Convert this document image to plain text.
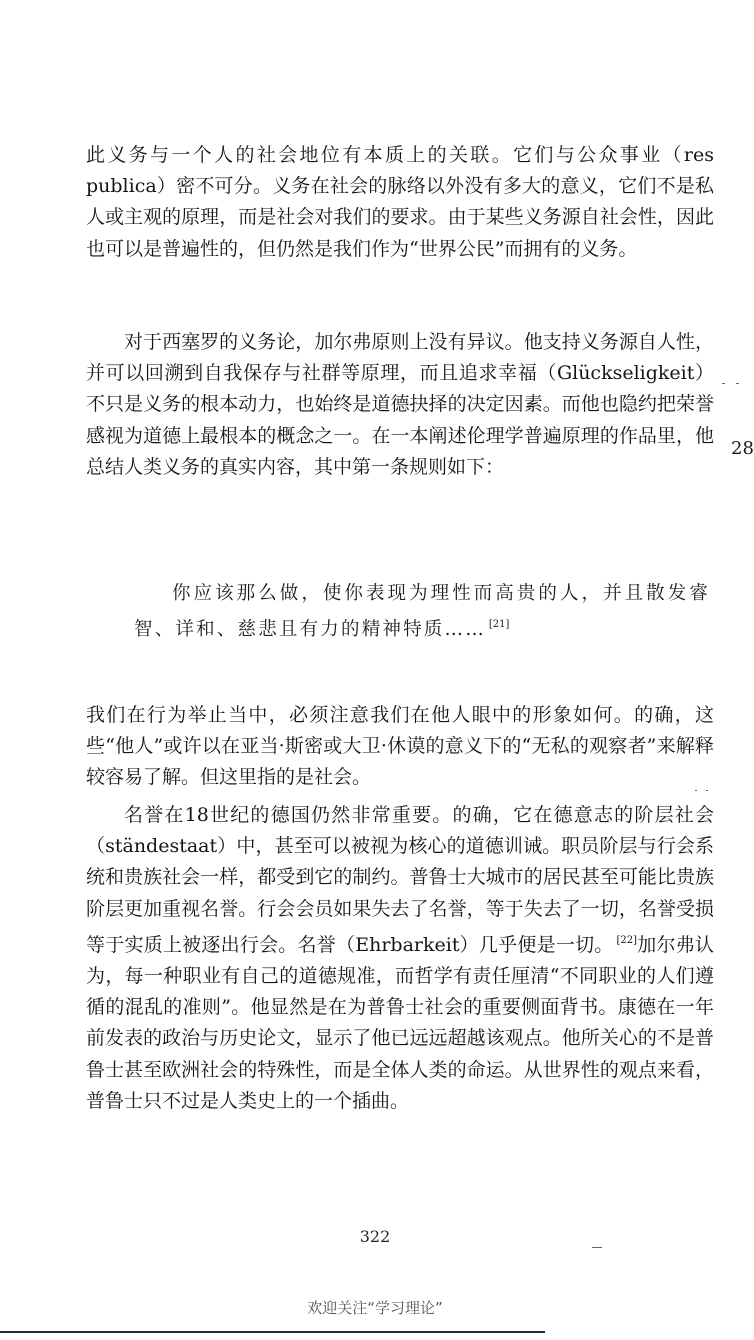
此义务与一个人的社会地位有本质上的关联。它们与公众事业（res publica）密不可分。义务在社会的脉络以外没有多大的意义，它们不是私人或主观的原理，而是社会对我们的要求。由于某些义务源自社会性，因此也可以是普遍性的，但仍然是我们作为“世界公民”而拥有的义务。

对于西塞罗的义务论，加尔弗原则上没有异议。他支持义务源自人性，并可以回溯到自我保存与社群等原理，而且追求幸福（Glückseligkeit）不只是义务的根本动力，也始终是道德抉择的决定因素。而他也隐约把荣誉感视为道德上最根本的概念之一。在一本阐述伦理学普遍原理的作品里，他总结人类义务的真实内容，其中第一条规则如下：

28

你应该那么做，使你表现为理性而高贵的人，并且散发睿智、详和、慈悲且有力的精神特质…… [21]

我们在行为举止当中，必须注意我们在他人眼中的形象如何。的确，这些“他人”或许以在亚当·斯密或大卫·休谟的意义下的“无私的观察者”来解释较容易了解。但这里指的是社会。

名誉在18世纪的德国仍然非常重要。的确，它在德意志的阶层社会（ständestaat）中，甚至可以被视为核心的道德训诫。职员阶层与行会系统和贵族社会一样，都受到它的制约。普鲁士大城市的居民甚至可能比贵族阶层更加重视名誉。行会会员如果失去了名誉，等于失去了一切，名誉受损等于实质上被逐出行会。名誉（Ehrbarkeit）几乎便是一切。 [22]加尔弗认为，每一种职业有自己的道德规准，而哲学有责任厘清“不同职业的人们遵循的混乱的准则”。他显然是在为普鲁士社会的重要侧面背书。康德在一年前发表的政治与历史论文，显示了他已远远超越该观点。他所关心的不是普鲁士甚至欧洲社会的特殊性，而是全体人类的命运。从世界性的观点来看，普鲁士只不过是人类史上的一个插曲。

322
欢迎关注“学习理论”
